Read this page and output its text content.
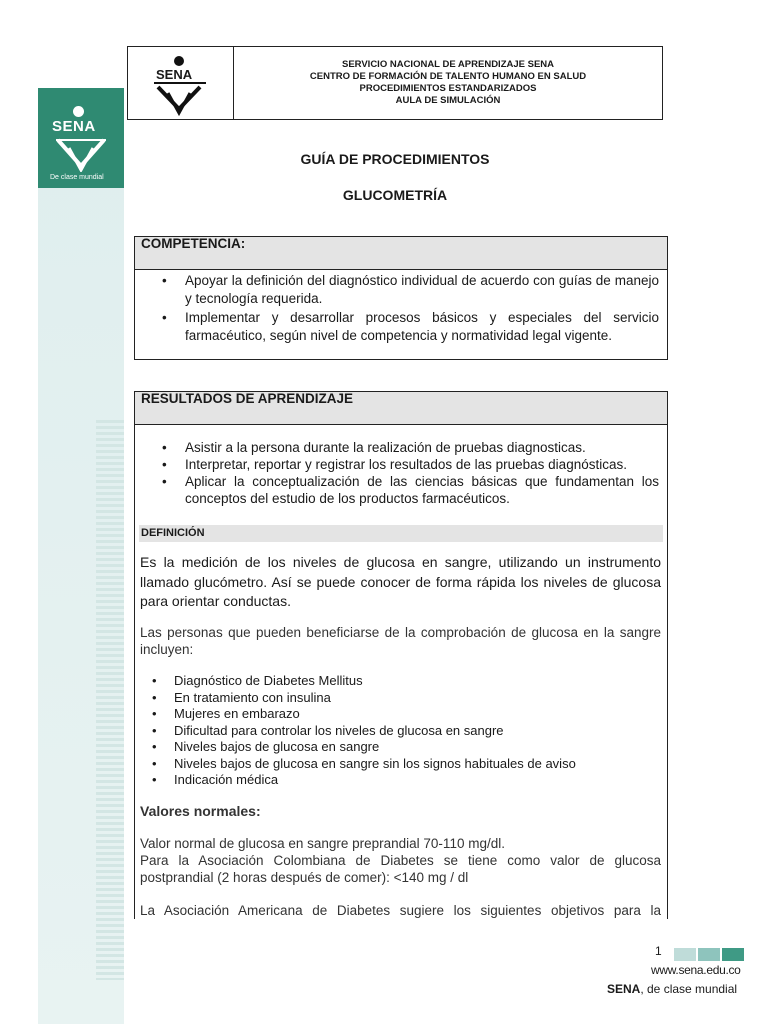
SENA
De clase mundial
SENA
SERVICIO NACIONAL DE APRENDIZAJE SENA
CENTRO DE FORMACIÓN DE TALENTO HUMANO EN SALUD
PROCEDIMIENTOS ESTANDARIZADOS
AULA DE SIMULACIÓN
GUÍA DE PROCEDIMIENTOS
GLUCOMETRÍA
COMPETENCIA:
• Apoyar la definición del diagnóstico individual de acuerdo con guías de manejo y tecnología requerida.
• Implementar y desarrollar procesos básicos y especiales del servicio farmacéutico, según nivel de competencia y normatividad legal vigente.
RESULTADOS DE APRENDIZAJE
• Asistir a la persona durante la realización de pruebas diagnosticas.
• Interpretar, reportar y registrar los resultados de las pruebas diagnósticas.
• Aplicar la conceptualización de las ciencias básicas que fundamentan los conceptos del estudio de los productos farmacéuticos.
DEFINICIÓN
Es la medición de los niveles de glucosa en sangre, utilizando un instrumento llamado glucómetro. Así se puede conocer de forma rápida los niveles de glucosa para orientar conductas.
Las personas que pueden beneficiarse de la comprobación de glucosa en la sangre incluyen:
• Diagnóstico de Diabetes Mellitus
• En tratamiento con insulina
• Mujeres en embarazo
• Dificultad para controlar los niveles de glucosa en sangre
• Niveles bajos de glucosa en sangre
• Niveles bajos de glucosa en sangre sin los signos habituales de aviso
• Indicación médica
Valores normales:
Valor normal de glucosa en sangre preprandial 70-110 mg/dl.
Para la Asociación Colombiana de Diabetes se tiene como valor de glucosa postprandial (2 horas después de comer): <140 mg / dl
La Asociación Americana de Diabetes sugiere los siguientes objetivos para la
1
www.sena.edu.co
SENA, de clase mundial
